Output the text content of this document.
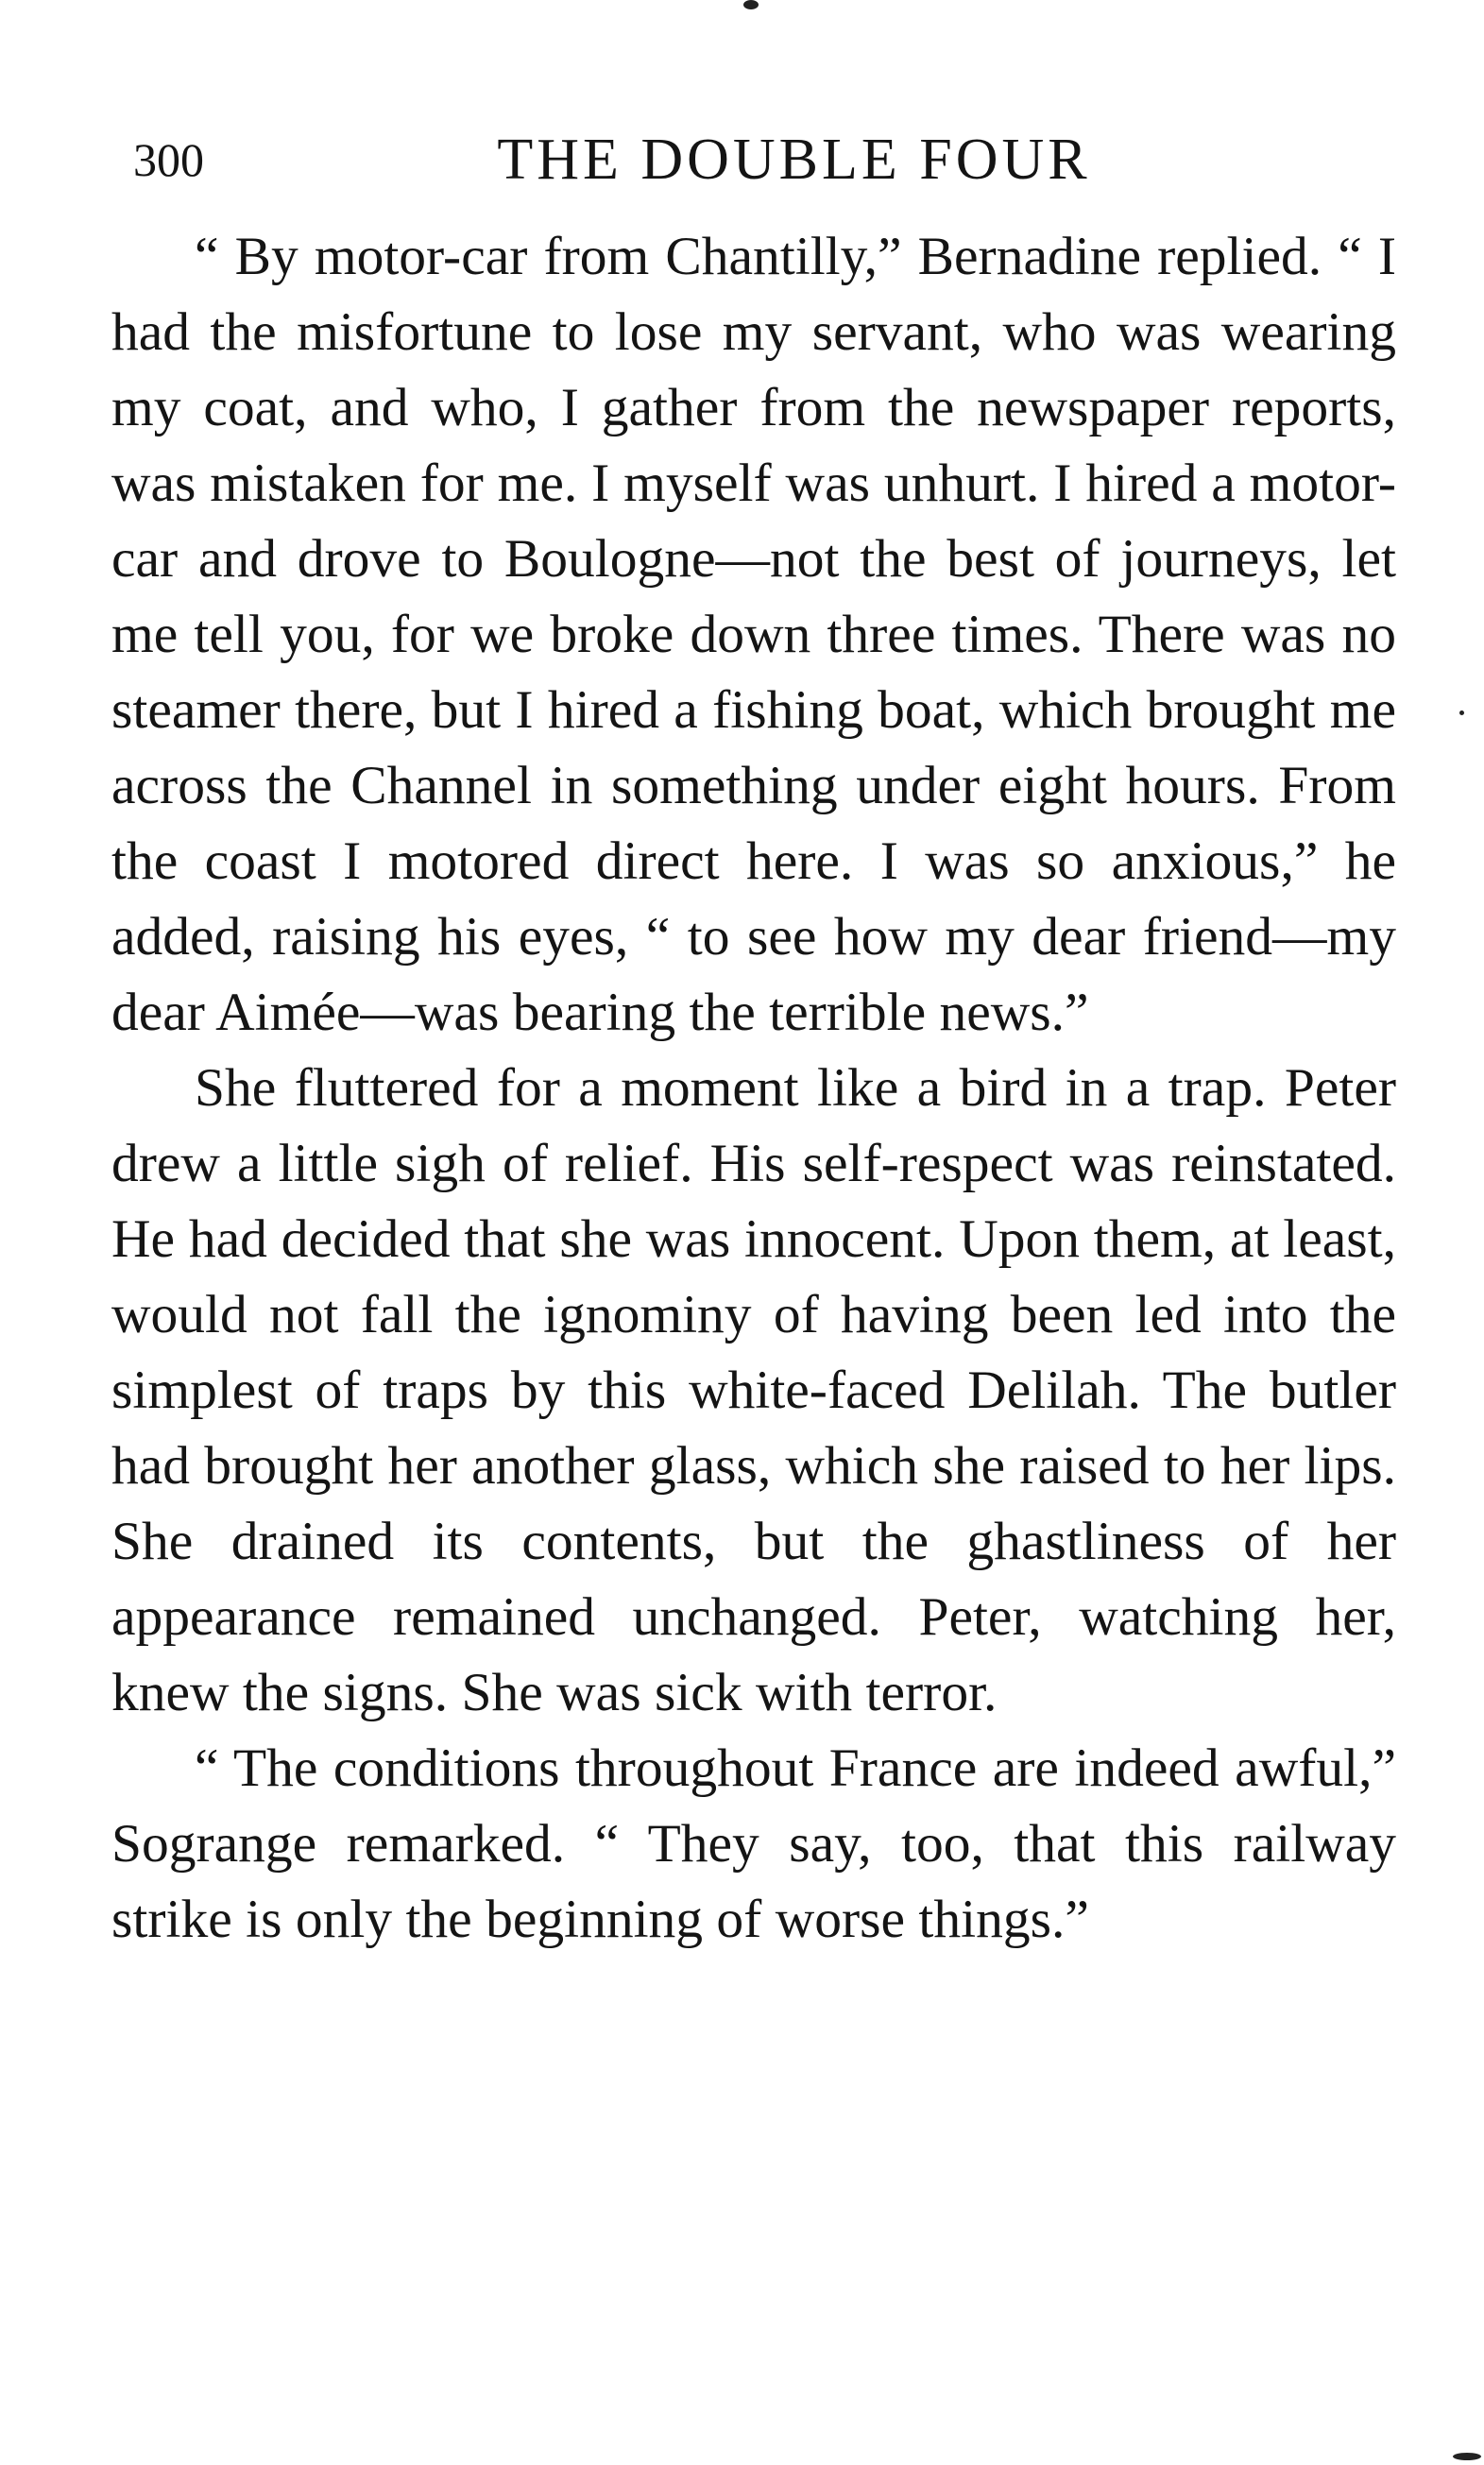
300	THE DOUBLE FOUR

“ By motor-car from Chantilly,” Bernadine replied. “ I had the misfortune to lose my servant, who was wearing my coat, and who, I gather from the newspaper reports, was mistaken for me. I myself was unhurt. I hired a motor-car and drove to Boulogne—not the best of journeys, let me tell you, for we broke down three times. There was no steamer there, but I hired a fishing boat, which brought me across the Channel in something under eight hours. From the coast I motored direct here. I was so anxious,” he added, raising his eyes, “ to see how my dear friend—my dear Aimée—was bearing the terrible news.”

She fluttered for a moment like a bird in a trap. Peter drew a little sigh of relief. His self-respect was reinstated. He had decided that she was innocent. Upon them, at least, would not fall the ignominy of having been led into the simplest of traps by this white-faced Delilah. The butler had brought her another glass, which she raised to her lips. She drained its contents, but the ghastliness of her appearance remained unchanged. Peter, watching her, knew the signs. She was sick with terror.

“ The conditions throughout France are indeed awful,” Sogrange remarked. “ They say, too, that this railway strike is only the beginning of worse things.”
